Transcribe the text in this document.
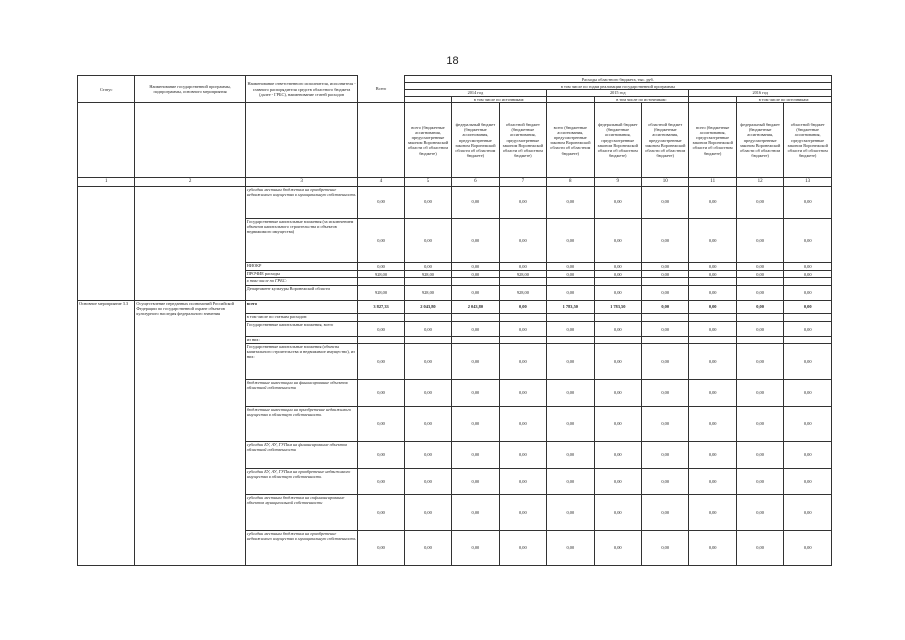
18
Статус	Наименование государственной программы, подпрограммы, основного мероприятия	Наименование ответственного исполнителя, исполнителя - главного распорядителя средств областного бюджета (далее - ГРБС), наименование статей расходов	Всего	Расходы областного бюджета, тыс. руб.								
				в том числе по годам реализации государственной программы								
				2014 год			2015 год			2016 год		
					в том числе по источникам:			в том числе по источникам:			в том числе по источникам:	
				всего (бюджетные ассигнования, предусмотренные законом Воронежской области об областном бюджете)	федеральный бюджет (бюджетные ассигнования, предусмотренные законом Воронежской области об областном бюджете)	областной бюджет (бюджетные ассигнования, предусмотренные законом Воронежской области об областном бюджете)	всего (бюджетные ассигнования, предусмотренные законом Воронежской области об областном бюджете)	федеральный бюджет (бюджетные ассигнования, предусмотренные законом Воронежской области об областном бюджете)	областной бюджет (бюджетные ассигнования, предусмотренные законом Воронежской области об областном бюджете)	всего (бюджетные ассигнования, предусмотренные законом Воронежской области об областном бюджете)	федеральный бюджет (бюджетные ассигнования, предусмотренные законом Воронежской области об областном бюджете)	областной бюджет (бюджетные ассигнования, предусмотренные законом Воронежской области об областном бюджете)
1	2	3	4	5	6	7	8	9	10	11	12	13
		субсидии местным бюджетам на приобретение недвижимого имущества в муниципальную собственность	0,00	0,00	0,00	0,00	0,00	0,00	0,00	0,00	0,00	0,00
		Государственные капитальные вложения (за исключением объектов капитального строительства и объектов недвижимого имущества)	0,00	0,00	0,00	0,00	0,00	0,00	0,00	0,00	0,00	0,00
		НИОКР	0,00	0,00	0,00	0,00	0,00	0,00	0,00	0,00	0,00	0,00
		ПРОЧИЕ расходы	928,00	928,00	0,00	928,00	0,00	0,00	0,00	0,00	0,00	0,00
		в том числе по ГРБС:										
		Департамент культуры Воронежской области	928,00	928,00	0,00	928,00	0,00	0,00	0,00	0,00	0,00	0,00
Основное мероприятие 3.3	Осуществление переданных полномочий Российской Федерации по государственной охране объектов культурного наследия федерального значения	всего	3 827,33	2 043,80	2 043,80	0,00	1 783,50	1 783,50	0,00	0,00	0,00	0,00
		в том числе по статьям расходов:										
		Государственные капитальные вложения, всего	0,00	0,00	0,00	0,00	0,00	0,00	0,00	0,00	0,00	0,00
		из них:										
		Государственные капитальные вложения (объекты капитального строительства и недвижимое имущество), из них:	0,00	0,00	0,00	0,00	0,00	0,00	0,00	0,00	0,00	0,00
		бюджетные инвестиции на финансирование объектов областной собственности	0,00	0,00	0,00	0,00	0,00	0,00	0,00	0,00	0,00	0,00
		бюджетные инвестиции на приобретение недвижимого имущества в областную собственность	0,00	0,00	0,00	0,00	0,00	0,00	0,00	0,00	0,00	0,00
		субсидии БУ, АУ, ГУПам на финансирование объектов областной собственности	0,00	0,00	0,00	0,00	0,00	0,00	0,00	0,00	0,00	0,00
		субсидии БУ, АУ, ГУПам на приобретение недвижимого имущества в областную собственность	0,00	0,00	0,00	0,00	0,00	0,00	0,00	0,00	0,00	0,00
		субсидии местным бюджетам на софинансирование объектов муниципальной собственности	0,00	0,00	0,00	0,00	0,00	0,00	0,00	0,00	0,00	0,00
		субсидии местным бюджетам на приобретение недвижимого имущества в муниципальную собственность	0,00	0,00	0,00	0,00	0,00	0,00	0,00	0,00	0,00	0,00
